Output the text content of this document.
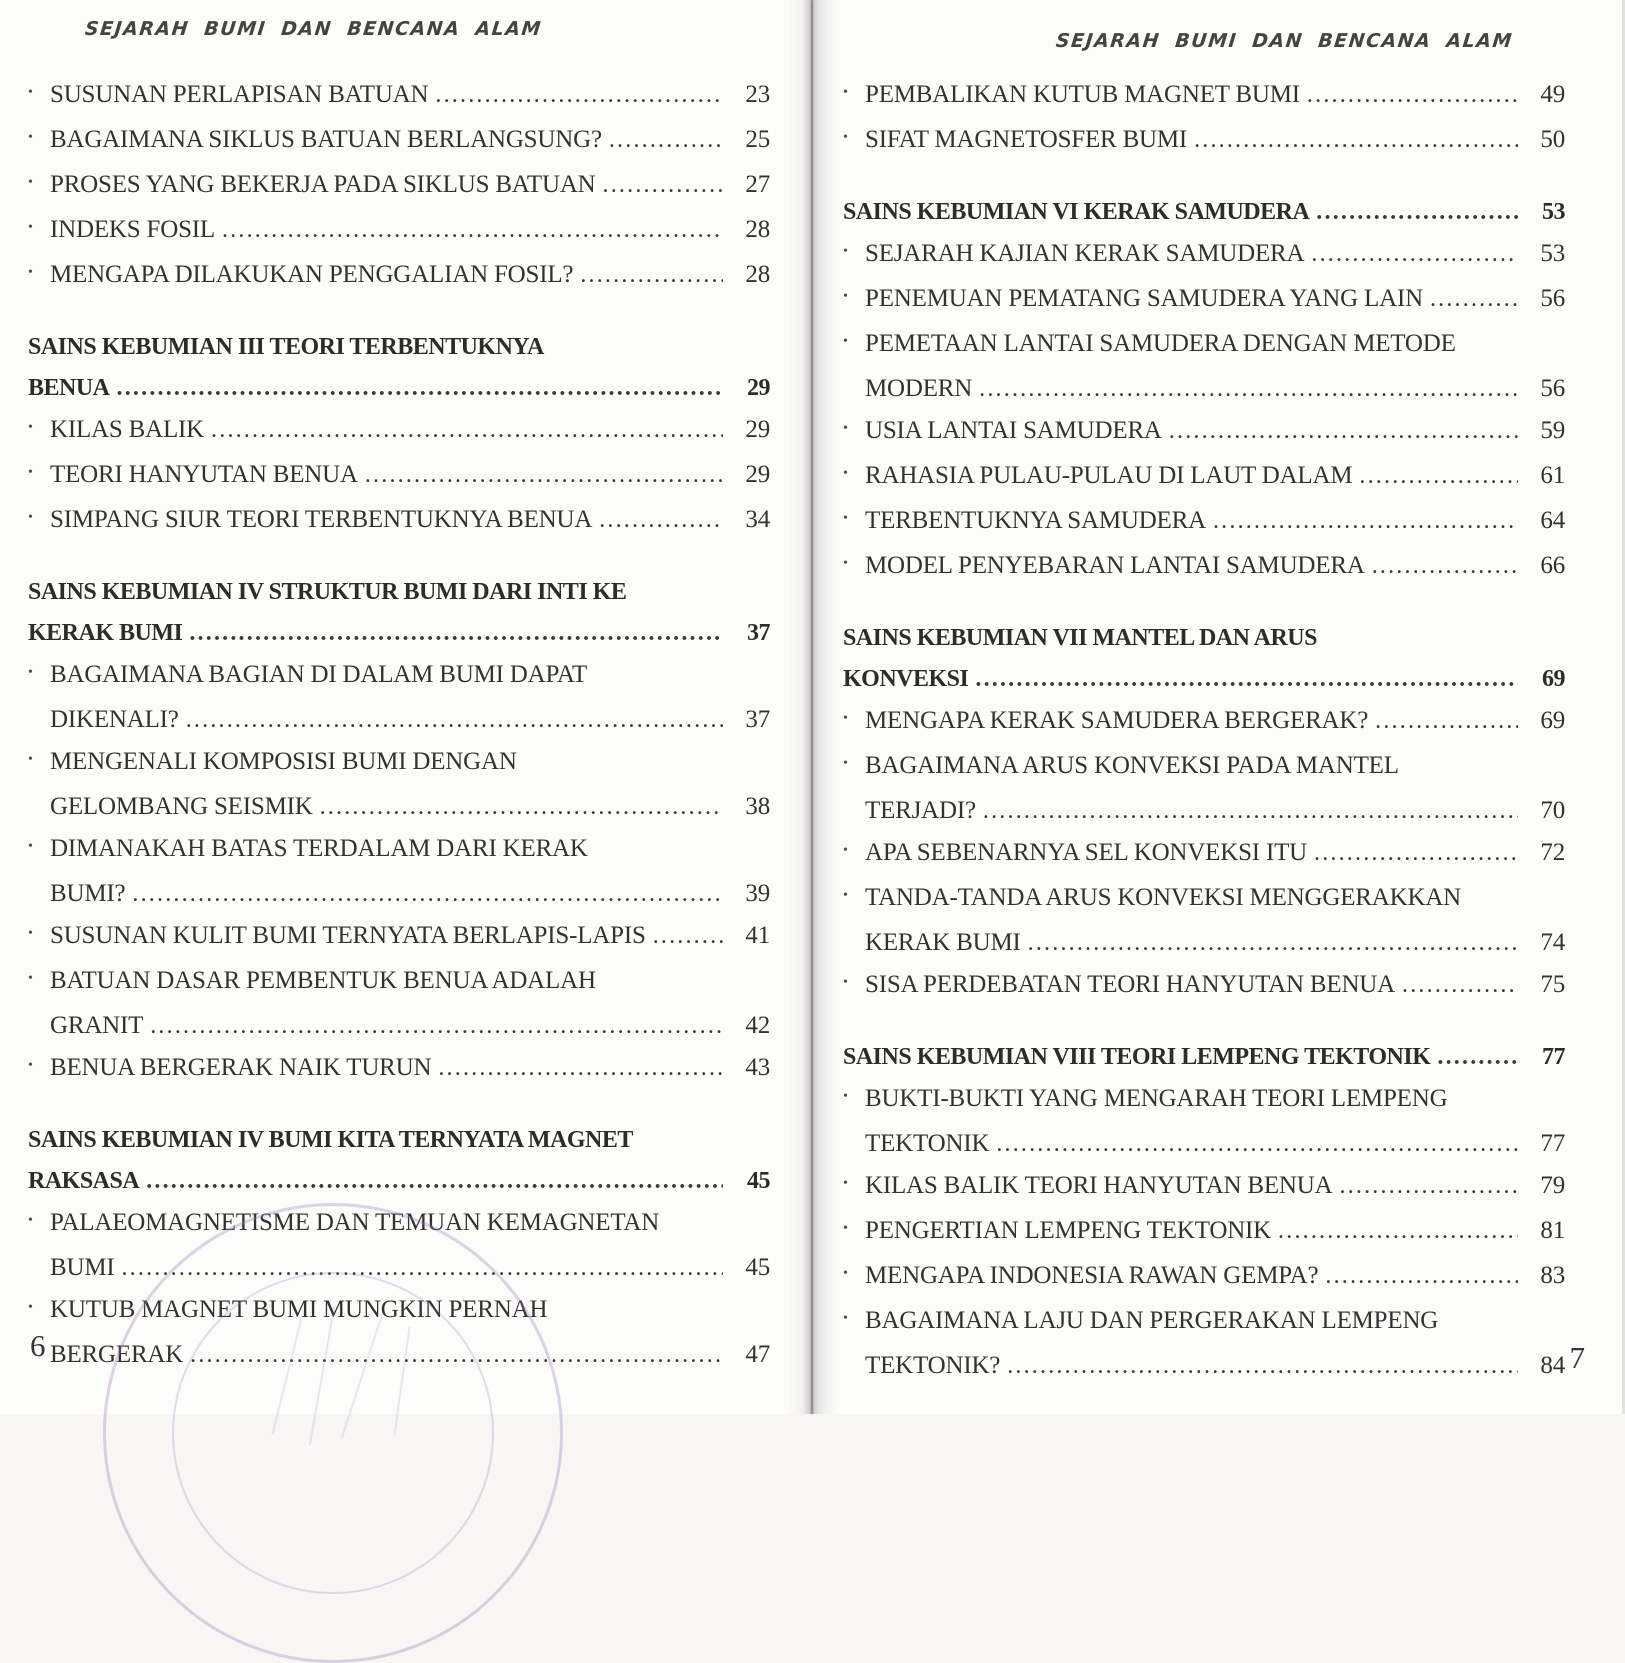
SEJARAH BUMI DAN BENCANA ALAM
• SUSUNAN PERLAPISAN BATUAN .....	23
• BAGAIMANA SIKLUS BATUAN BERLANGSUNG? .....	25
• PROSES YANG BEKERJA PADA SIKLUS BATUAN .....	27
• INDEKS FOSIL .....	28
• MENGAPA DILAKUKAN PENGGALIAN FOSIL? .....	28
SAINS KEBUMIAN III TEORI TERBENTUKNYA
BENUA .....	29
• KILAS BALIK .....	29
• TEORI HANYUTAN BENUA .....	29
• SIMPANG SIUR TEORI TERBENTUKNYA BENUA .....	34
SAINS KEBUMIAN IV STRUKTUR BUMI DARI INTI KE
KERAK BUMI .....	37
• BAGAIMANA BAGIAN DI DALAM BUMI DAPAT
DIKENALI? .....	37
• MENGENALI KOMPOSISI BUMI DENGAN
GELOMBANG SEISMIK .....	38
• DIMANAKAH BATAS TERDALAM DARI KERAK
BUMI? .....	39
• SUSUNAN KULIT BUMI TERNYATA BERLAPIS-LAPIS .....	41
• BATUAN DASAR PEMBENTUK BENUA ADALAH
GRANIT .....	42
• BENUA BERGERAK NAIK TURUN .....	43
SAINS KEBUMIAN IV BUMI KITA TERNYATA MAGNET
RAKSASA .....	45
• PALAEOMAGNETISME DAN TEMUAN KEMAGNETAN
BUMI .....	45
• KUTUB MAGNET BUMI MUNGKIN PERNAH
BERGERAK .....	47
6
SEJARAH BUMI DAN BENCANA ALAM
• PEMBALIKAN KUTUB MAGNET BUMI .....	49
• SIFAT MAGNETOSFER BUMI .....	50
SAINS KEBUMIAN VI KERAK SAMUDERA .....	53
• SEJARAH KAJIAN KERAK SAMUDERA .....	53
• PENEMUAN PEMATANG SAMUDERA YANG LAIN .....	56
• PEMETAAN LANTAI SAMUDERA DENGAN METODE
MODERN .....	56
• USIA LANTAI SAMUDERA .....	59
• RAHASIA PULAU-PULAU DI LAUT DALAM .....	61
• TERBENTUKNYA SAMUDERA .....	64
• MODEL PENYEBARAN LANTAI SAMUDERA .....	66
SAINS KEBUMIAN VII MANTEL DAN ARUS
KONVEKSI .....	69
• MENGAPA KERAK SAMUDERA BERGERAK? .....	69
• BAGAIMANA ARUS KONVEKSI PADA MANTEL
TERJADI? .....	70
• APA SEBENARNYA SEL KONVEKSI ITU .....	72
• TANDA-TANDA ARUS KONVEKSI MENGGERAKKAN
KERAK BUMI .....	74
• SISA PERDEBATAN TEORI HANYUTAN BENUA .....	75
SAINS KEBUMIAN VIII TEORI LEMPENG TEKTONIK .....	77
• BUKTI-BUKTI YANG MENGARAH TEORI LEMPENG
TEKTONIK .....	77
• KILAS BALIK TEORI HANYUTAN BENUA .....	79
• PENGERTIAN LEMPENG TEKTONIK .....	81
• MENGAPA INDONESIA RAWAN GEMPA? .....	83
• BAGAIMANA LAJU DAN PERGERAKAN LEMPENG
TEKTONIK? .....	84 7
